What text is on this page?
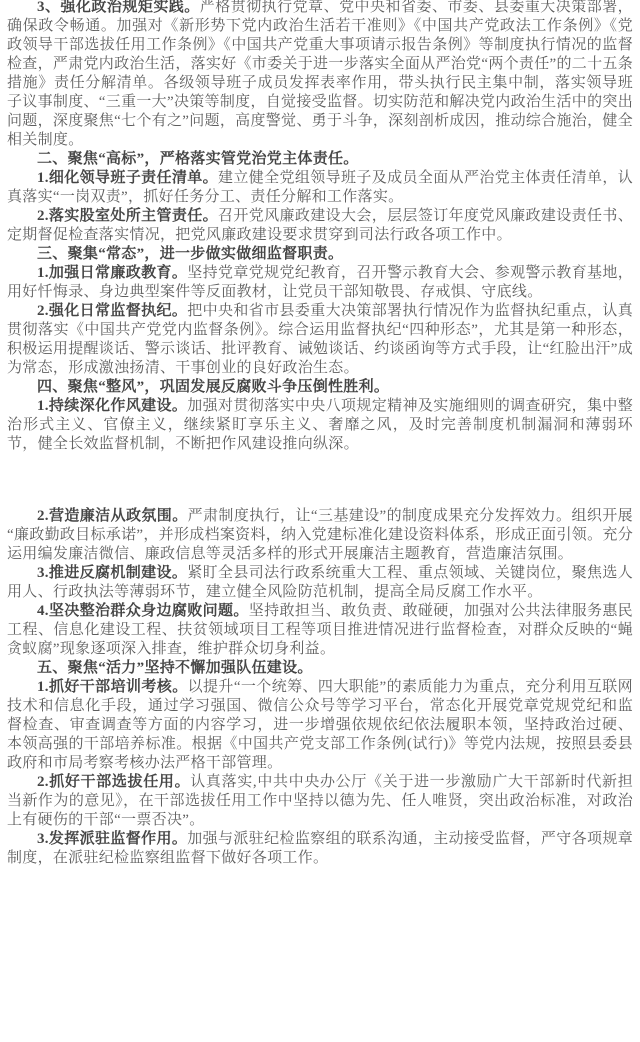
3、强化政治规矩实践。严格贯彻执行党章、党中央和省委、市委、县委重大决策部署，确保政令畅通。加强对《新形势下党内政治生活若干准则》《中国共产党政法工作条例》《党政领导干部选拔任用工作条例》《中国共产党重大事项请示报告条例》等制度执行情况的监督检查，严肃党内政治生活，落实好《市委关于进一步落实全面从严治党“两个责任”的二十五条措施》责任分解清单。各级领导班子成员发挥表率作用，带头执行民主集中制，落实领导班子议事制度、“三重一大”决策等制度，自觉接受监督。切实防范和解决党内政治生活中的突出问题，深度聚焦“七个有之”问题，高度警觉、勇于斗争，深刻剖析成因，推动综合施治，健全相关制度。

二、聚焦“高标”，严格落实管党治党主体责任。

1.细化领导班子责任清单。建立健全党组领导班子及成员全面从严治党主体责任清单，认真落实“一岗双责”，抓好任务分工、责任分解和工作落实。

2.落实股室处所主管责任。召开党风廉政建设大会，层层签订年度党风廉政建设责任书、定期督促检查落实情况，把党风廉政建设要求贯穿到司法行政各项工作中。

三、聚集“常态”，进一步做实做细监督职责。

1.加强日常廉政教育。坚持党章党规党纪教育，召开警示教育大会、参观警示教育基地，用好忏悔录、身边典型案件等反面教材，让党员干部知敬畏、存戒惧、守底线。

2.强化日常监督执纪。把中央和省市县委重大决策部署执行情况作为监督执纪重点，认真贯彻落实《中国共产党党内监督条例》。综合运用监督执纪“四种形态”，尤其是第一种形态，积极运用提醒谈话、警示谈话、批评教育、诫勉谈话、约谈函询等方式手段，让“红脸出汗”成为常态，形成激浊扬清、干事创业的良好政治生态。

四、聚焦“整风”，巩固发展反腐败斗争压倒性胜利。

1.持续深化作风建设。加强对贯彻落实中央八项规定精神及实施细则的调查研究，集中整治形式主义、官僚主义，继续紧盯享乐主义、奢靡之风，及时完善制度机制漏洞和薄弱环节，健全长效监督机制，不断把作风建设推向纵深。

2.营造廉洁从政氛围。严肃制度执行，让“三基建设”的制度成果充分发挥效力。组织开展“廉政勤政目标承诺”，并形成档案资料，纳入党建标准化建设资料体系，形成正面引领。充分运用编发廉洁微信、廉政信息等灵活多样的形式开展廉洁主题教育，营造廉洁氛围。

3.推进反腐机制建设。紧盯全县司法行政系统重大工程、重点领域、关键岗位，聚焦选人用人、行政执法等薄弱环节，建立健全风险防范机制，提高全局反腐工作水平。

4.坚决整治群众身边腐败问题。坚持敢担当、敢负责、敢碰硬，加强对公共法律服务惠民工程、信息化建设工程、扶贫领域项目工程等项目推进情况进行监督检查，对群众反映的“蝇贪蚁腐”现象逐项深入排查，维护群众切身利益。

五、聚焦“活力”坚持不懈加强队伍建设。

1.抓好干部培训考核。以提升“一个统筹、四大职能”的素质能力为重点，充分利用互联网技术和信息化手段，通过学习强国、微信公众号等学习平台，常态化开展党章党规党纪和监督检查、审查调查等方面的内容学习，进一步增强依规依纪依法履职本领，坚持政治过硬、本领高强的干部培养标准。根据《中国共产党支部工作条例(试行)》等党内法规，按照县委县政府和市局考察考核办法严格干部管理。

2.抓好干部选拔任用。认真落实,中共中央办公厅《关于进一步激励广大干部新时代新担当新作为的意见》，在干部选拔任用工作中坚持以德为先、任人唯贤，突出政治标准，对政治上有硬伤的干部“一票否决”。

3.发挥派驻监督作用。加强与派驻纪检监察组的联系沟通，主动接受监督，严守各项规章制度，在派驻纪检监察组监督下做好各项工作。
